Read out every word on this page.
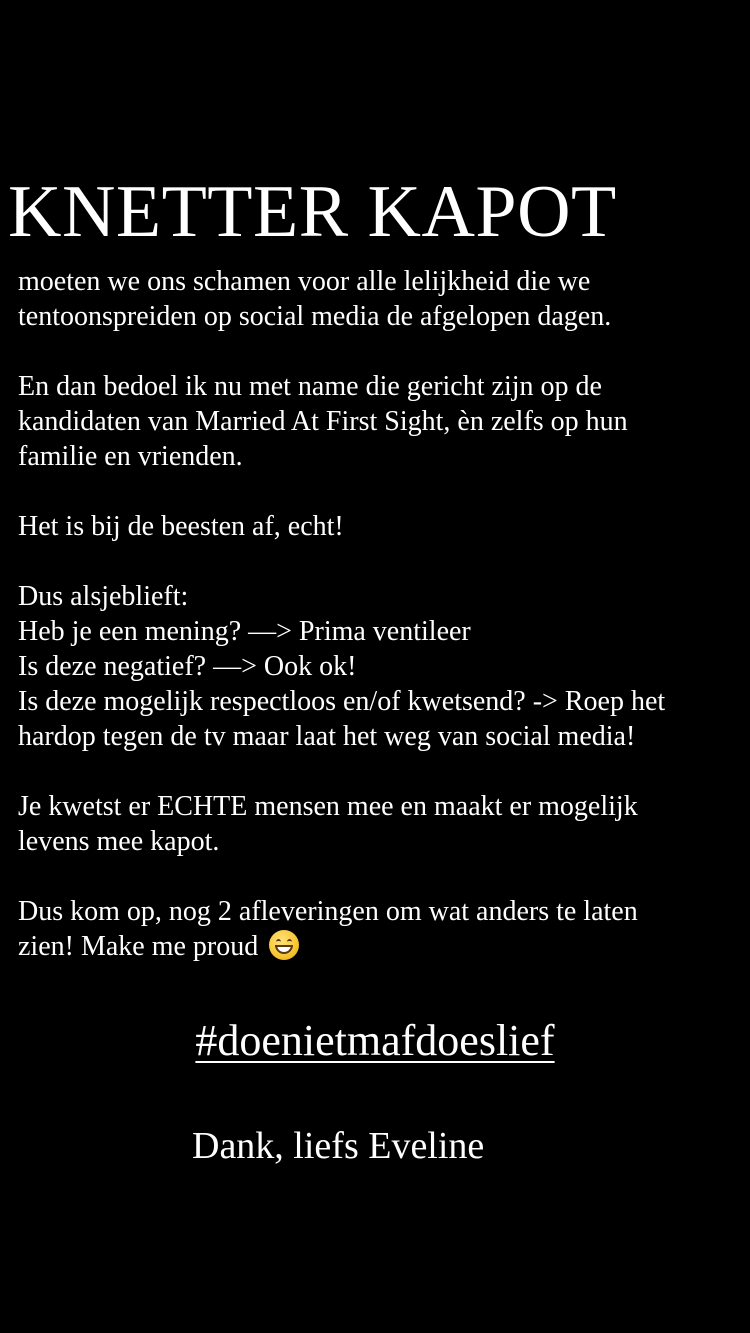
KNETTER KAPOT
moeten we ons schamen voor alle lelijkheid die we
tentoonspreiden op social media de afgelopen dagen.
En dan bedoel ik nu met name die gericht zijn op de
kandidaten van Married At First Sight, èn zelfs op hun
familie en vrienden.
Het is bij de beesten af, echt!
Dus alsjeblieft:
Heb je een mening? —> Prima ventileer
Is deze negatief? —> Ook ok!
Is deze mogelijk respectloos en/of kwetsend? -> Roep het
hardop tegen de tv maar laat het weg van social media!
Je kwetst er ECHTE mensen mee en maakt er mogelijk
levens mee kapot.
Dus kom op, nog 2 afleveringen om wat anders te laten
zien! Make me proud
#doenietmafdoeslief
Dank, liefs Eveline
